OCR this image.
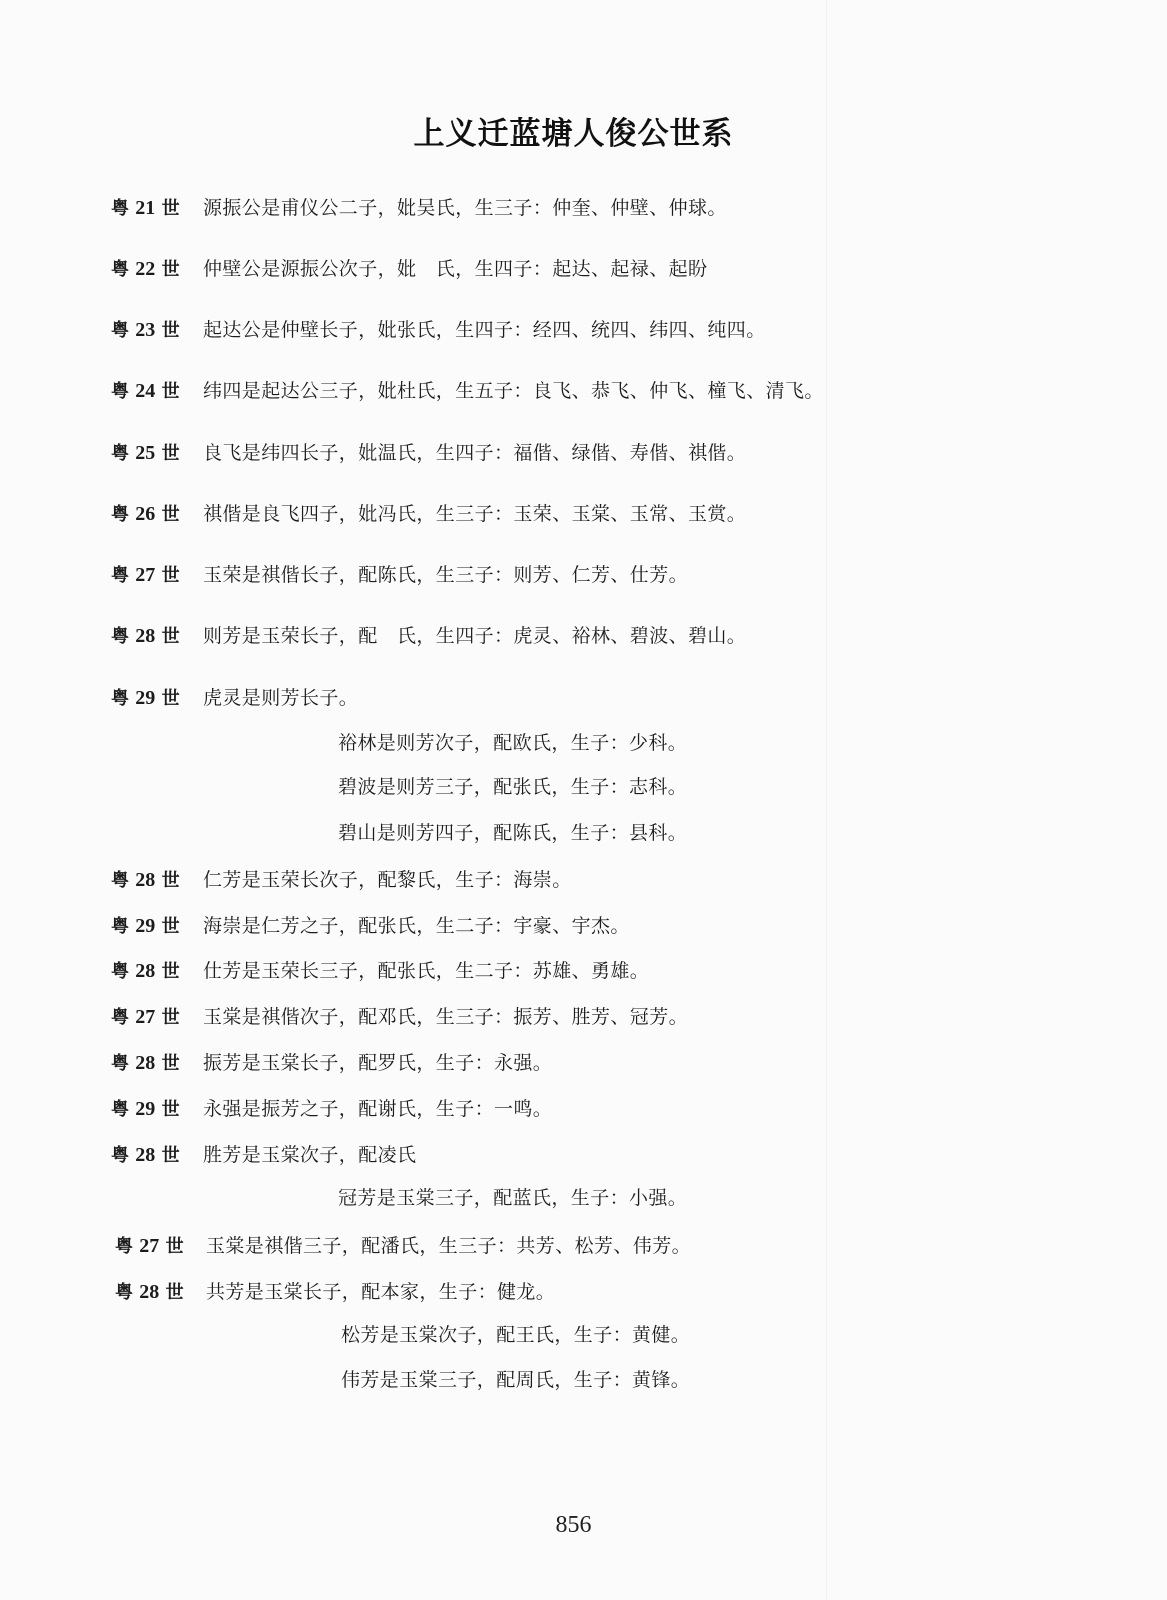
上义迁蓝塘人俊公世系
粤 21 世 源振公是甫仪公二子，妣吴氏，生三子：仲奎、仲壁、仲球。
粤 22 世 仲壁公是源振公次子，妣　氏，生四子：起达、起禄、起盼
粤 23 世 起达公是仲壁长子，妣张氏，生四子：经四、统四、纬四、纯四。
粤 24 世 纬四是起达公三子，妣杜氏，生五子：良飞、恭飞、仲飞、橦飞、清飞。
粤 25 世 良飞是纬四长子，妣温氏，生四子：福偕、绿偕、寿偕、祺偕。
粤 26 世 祺偕是良飞四子，妣冯氏，生三子：玉荣、玉棠、玉常、玉赏。
粤 27 世 玉荣是祺偕长子，配陈氏，生三子：则芳、仁芳、仕芳。
粤 28 世 则芳是玉荣长子，配　氏，生四子：虎灵、裕林、碧波、碧山。
粤 29 世 虎灵是则芳长子。
裕林是则芳次子，配欧氏，生子：少科。
碧波是则芳三子，配张氏，生子：志科。
碧山是则芳四子，配陈氏，生子：县科。
粤 28 世 仁芳是玉荣长次子，配黎氏，生子：海崇。
粤 29 世 海崇是仁芳之子，配张氏，生二子：宇豪、宇杰。
粤 28 世 仕芳是玉荣长三子，配张氏，生二子：苏雄、勇雄。
粤 27 世 玉棠是祺偕次子，配邓氏，生三子：振芳、胜芳、冠芳。
粤 28 世 振芳是玉棠长子，配罗氏，生子：永强。
粤 29 世 永强是振芳之子，配谢氏，生子：一鸣。
粤 28 世 胜芳是玉棠次子，配凌氏
冠芳是玉棠三子，配蓝氏，生子：小强。
粤 27 世 玉棠是祺偕三子，配潘氏，生三子：共芳、松芳、伟芳。
粤 28 世 共芳是玉棠长子，配本家，生子：健龙。
松芳是玉棠次子，配王氏，生子：黄健。
伟芳是玉棠三子，配周氏，生子：黄锋。
856
